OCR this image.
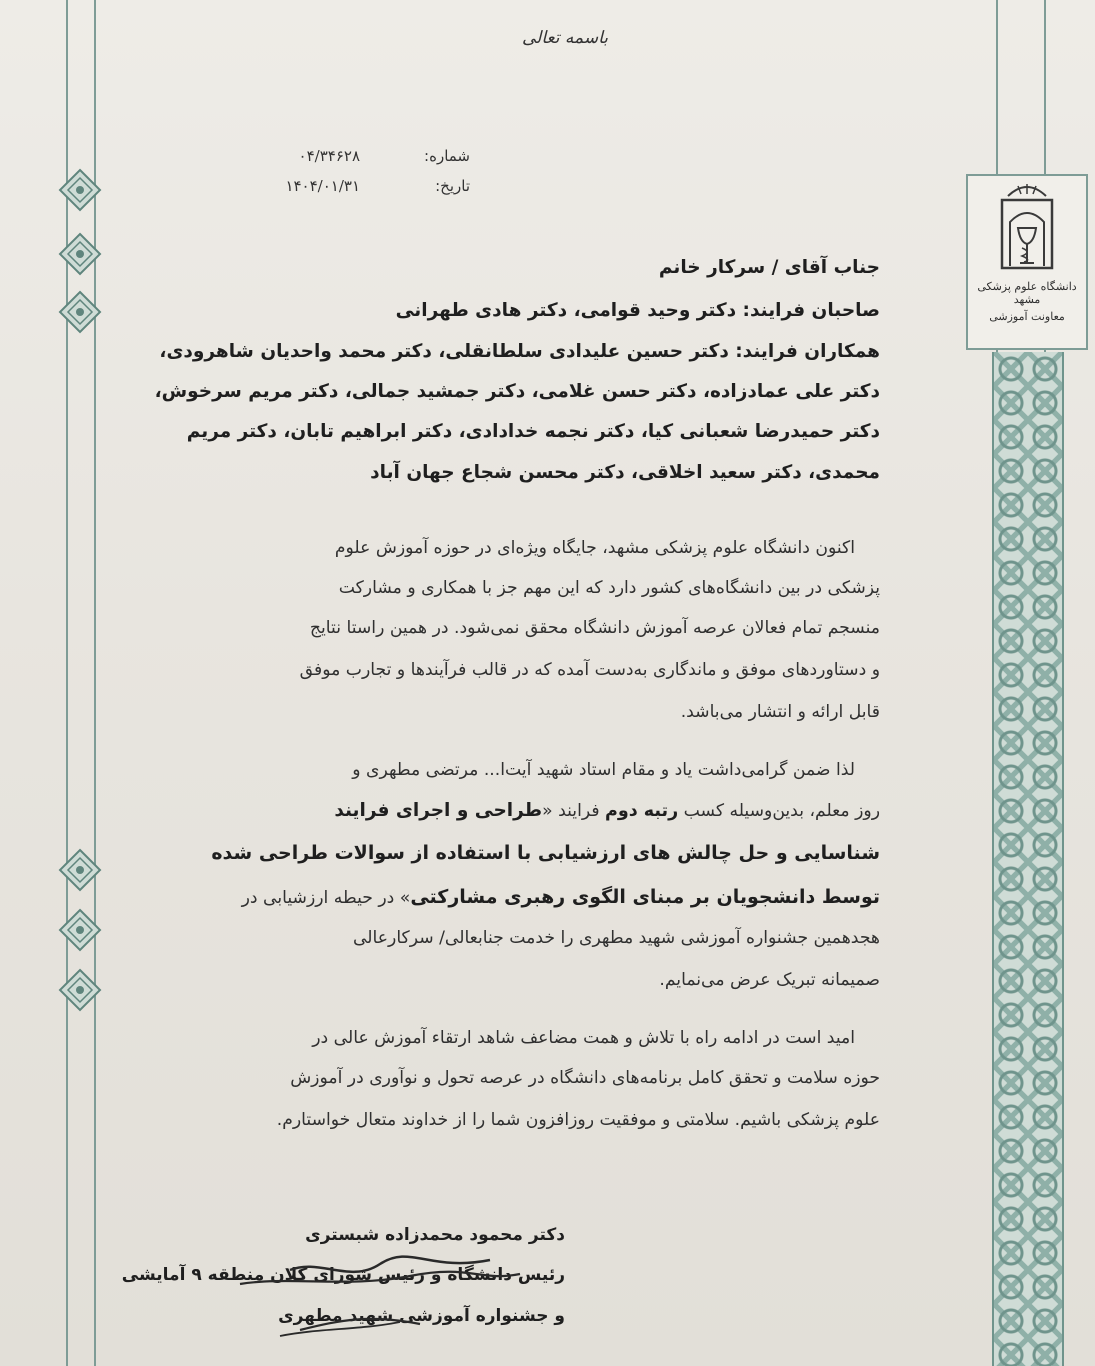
دانشگاه علوم پزشکی مشهد
معاونت آموزشی
باسمه تعالی
شماره:
۰۴/۳۴۶۲۸
تاریخ:
۱۴۰۴/۰۱/۳۱
جناب آقای / سرکار خانم
صاحبان فرایند: دکتر وحید قوامی، دکتر هادی طهرانی
همکاران فرایند: دکتر حسین علیدادی سلطانقلی، دکتر محمد واحدیان شاهرودی،
دکتر علی عمادزاده، دکتر حسن غلامی، دکتر جمشید جمالی، دکتر مریم سرخوش،
دکتر حمیدرضا شعبانی کیا، دکتر نجمه خدادادی، دکتر ابراهیم تابان، دکتر مریم
محمدی، دکتر سعید اخلاقی، دکتر محسن شجاع جهان آباد
اکنون دانشگاه علوم پزشکی مشهد، جایگاه ویژه‌ای در حوزه آموزش علوم
پزشکی در بین دانشگاه‌های کشور دارد که این مهم جز با همکاری و مشارکت
منسجم تمام فعالان عرصه آموزش دانشگاه محقق نمی‌شود. در همین راستا نتایج
و دستاوردهای موفق و ماندگاری به‌دست آمده که در قالب فرآیندها و تجارب موفق
قابل ارائه و انتشار می‌باشد.
لذا ضمن گرامی‌داشت یاد و مقام استاد شهید آیت‌ا... مرتضی مطهری و
روز معلم، بدین‌وسیله کسب رتبه دوم فرایند «طراحی و اجرای فرایند
شناسایی و حل چالش های ارزشیابی با استفاده از سوالات طراحی شده
توسط دانشجویان بر مبنای الگوی رهبری مشارکتی» در حیطه ارزشیابی در
هجدهمین جشنواره آموزشی شهید مطهری را خدمت جنابعالی/ سرکارعالی
صمیمانه تبریک عرض می‌نمایم.
امید است در ادامه راه با تلاش و همت مضاعف شاهد ارتقاء آموزش عالی در
حوزه سلامت و تحقق کامل برنامه‌های دانشگاه در عرصه تحول و نوآوری در آموزش
علوم پزشکی باشیم. سلامتی و موفقیت روزافزون شما را از خداوند متعال خواستارم.
دکتر محمود محمدزاده شبستری
رئیس دانشگاه و رئیس شورای کلان منطقه ۹ آمایشی
و جشنواره آموزشی شهید مطهری
